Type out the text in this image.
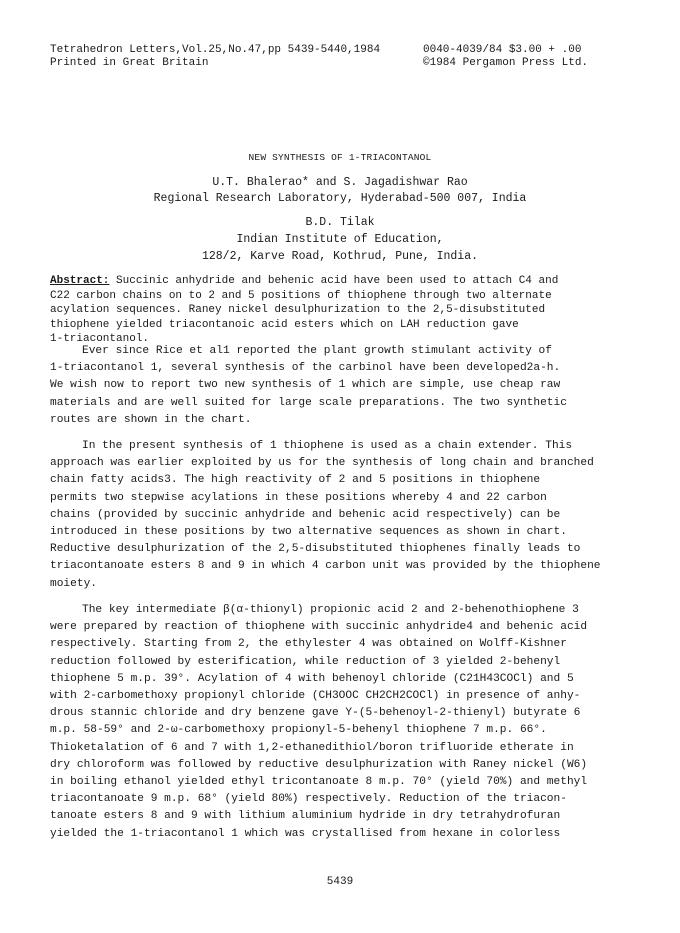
Tetrahedron Letters,Vol.25,No.47,pp 5439-5440,1984
Printed in Great Britain
0040-4039/84 $3.00 + .00
©1984 Pergamon Press Ltd.
NEW SYNTHESIS OF 1-TRIACONTANOL
U.T. Bhalerao* and S. Jagadishwar Rao
Regional Research Laboratory, Hyderabad-500 007, India
B.D. Tilak
Indian Institute of Education,
128/2, Karve Road, Kothrud, Pune, India.
Abstract: Succinic anhydride and behenic acid have been used to attach C4 and
C22 carbon chains on to 2 and 5 positions of thiophene through two alternate
acylation sequences. Raney nickel desulphurization to the 2,5-disubstituted
thiophene yielded triacontanoic acid esters which on LAH reduction gave
1-triacontanol.
Ever since Rice et al1 reported the plant growth stimulant activity of
1-triacontanol 1, several synthesis of the carbinol have been developed2a-h.
We wish now to report two new synthesis of 1 which are simple, use cheap raw
materials and are well suited for large scale preparations. The two synthetic
routes are shown in the chart.
In the present synthesis of 1 thiophene is used as a chain extender. This
approach was earlier exploited by us for the synthesis of long chain and branched
chain fatty acids3. The high reactivity of 2 and 5 positions in thiophene
permits two stepwise acylations in these positions whereby 4 and 22 carbon
chains (provided by succinic anhydride and behenic acid respectively) can be
introduced in these positions by two alternative sequences as shown in chart.
Reductive desulphurization of the 2,5-disubstituted thiophenes finally leads to
triacontanoate esters 8 and 9 in which 4 carbon unit was provided by the thiophene
moiety.
The key intermediate β(α-thionyl) propionic acid 2 and 2-behenothiophene 3
were prepared by reaction of thiophene with succinic anhydride4 and behenic acid
respectively. Starting from 2, the ethylester 4 was obtained on Wolff-Kishner
reduction followed by esterification, while reduction of 3 yielded 2-behenyl
thiophene 5 m.p. 39°. Acylation of 4 with behenoyl chloride (C21H43COCl) and 5
with 2-carbomethoxy propionyl chloride (CH3OOC CH2CH2COCl) in presence of anhy-
drous stannic chloride and dry benzene gave Y-(5-behenoyl-2-thienyl) butyrate 6
m.p. 58-59° and 2-ω-carbomethoxy propionyl-5-behenyl thiophene 7 m.p. 66°.
Thioketalation of 6 and 7 with 1,2-ethanedithiol/boron trifluoride etherate in
dry chloroform was followed by reductive desulphurization with Raney nickel (W6)
in boiling ethanol yielded ethyl tricontanoate 8 m.p. 70° (yield 70%) and methyl
triacontanoate 9 m.p. 68° (yield 80%) respectively. Reduction of the triacon-
tanoate esters 8 and 9 with lithium aluminium hydride in dry tetrahydrofuran
yielded the 1-triacontanol 1 which was crystallised from hexane in colorless
5439
